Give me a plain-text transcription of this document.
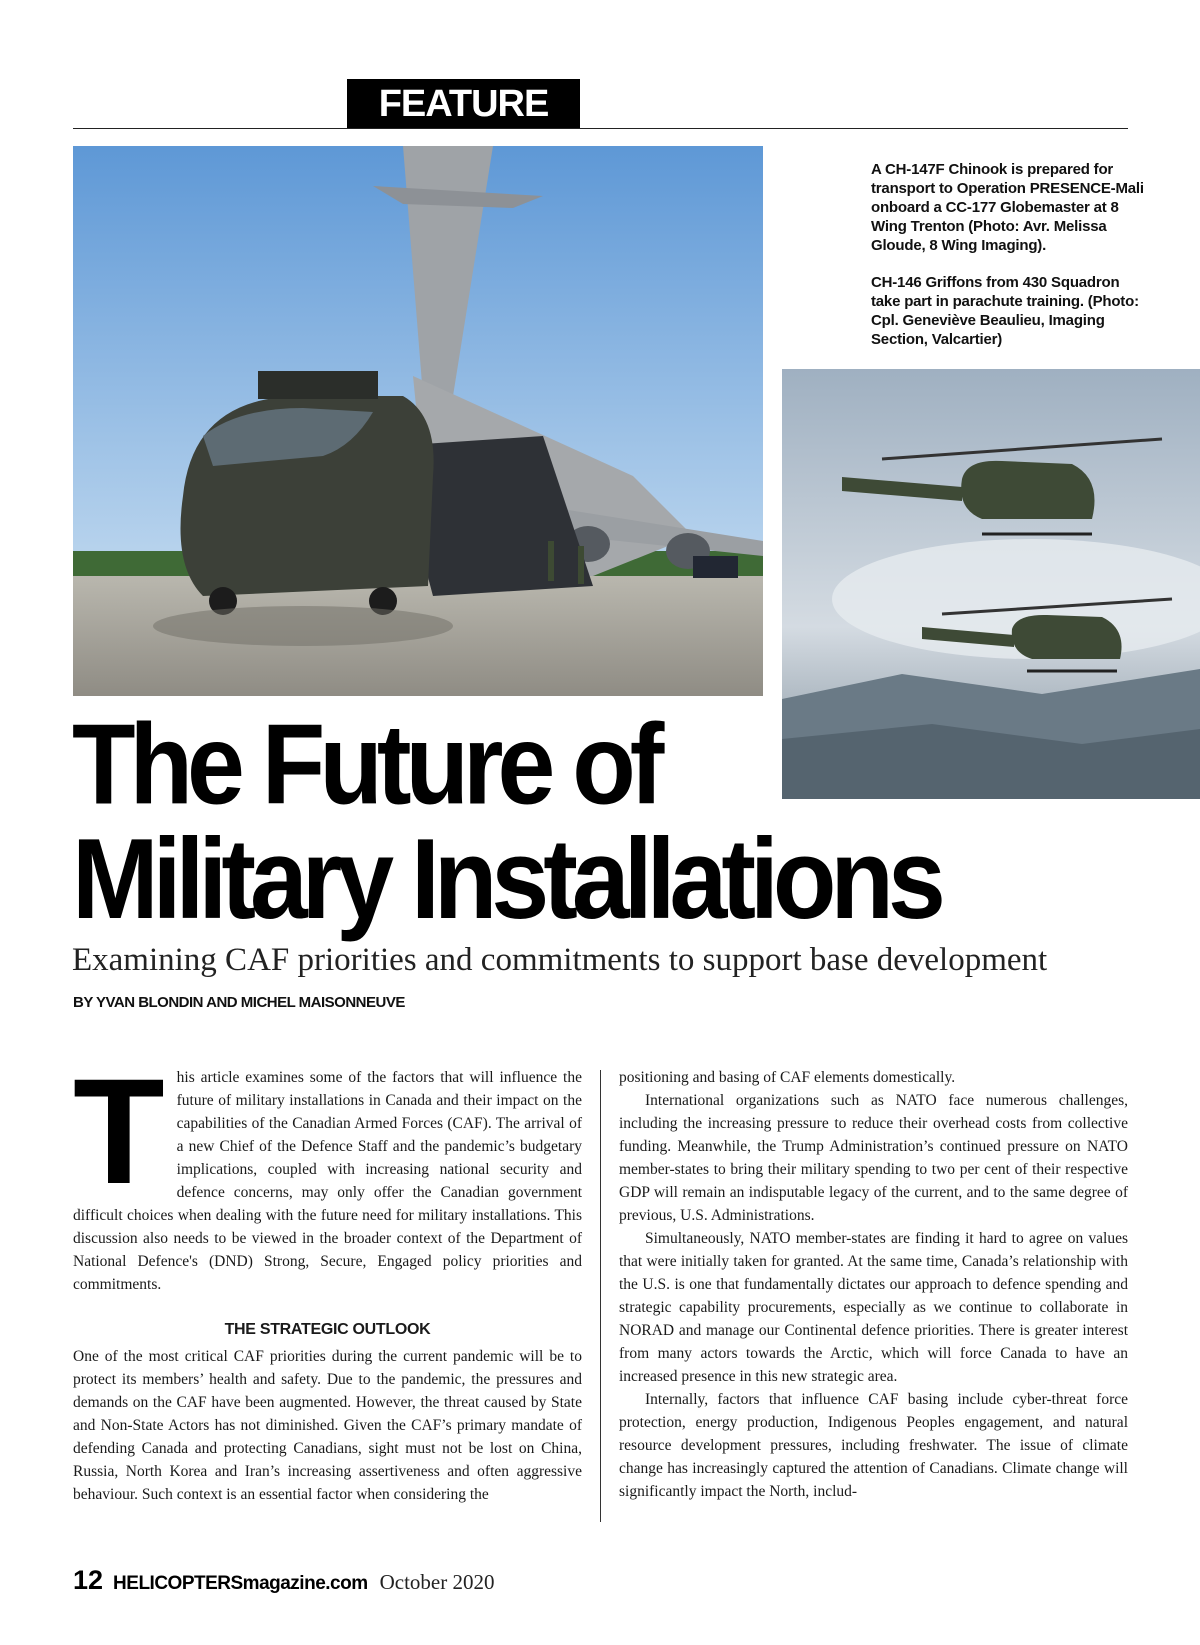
FEATURE

A CH-147F Chinook is prepared for transport to Operation PRESENCE-Mali onboard a CC-177 Globemaster at 8 Wing Trenton (Photo: Avr. Melissa Gloude, 8 Wing Imaging).

CH-146 Griffons from 430 Squadron take part in parachute training. (Photo: Cpl. Geneviève Beaulieu, Imaging Section, Valcartier)

The Future of
Military Installations
Examining CAF priorities and commitments to support base development
BY YVAN BLONDIN AND MICHEL MAISONNEUVE
T his article examines some of the factors that will influence the future of military installations in Canada and their impact on the capabilities of the Canadian Armed Forces (CAF). The arrival of a new Chief of the Defence Staff and the pandemic’s budgetary implications, coupled with increasing national security and defence concerns, may only offer the Canadian government difficult choices when dealing with the future need for military installations. This discussion also needs to be viewed in the broader context of the Department of National Defence's (DND) Strong, Secure, Engaged policy priorities and commitments.

THE STRATEGIC OUTLOOK

One of the most critical CAF priorities during the current pandemic will be to protect its members’ health and safety. Due to the pandemic, the pressures and demands on the CAF have been augmented. However, the threat caused by State and Non-State Actors has not diminished. Given the CAF’s primary mandate of defending Canada and protecting Canadians, sight must not be lost on China, Russia, North Korea and Iran’s increasing assertiveness and often aggressive behaviour. Such context is an essential factor when considering the

positioning and basing of CAF elements domestically.

International organizations such as NATO face numerous challenges, including the increasing pressure to reduce their overhead costs from collective funding. Meanwhile, the Trump Administration’s continued pressure on NATO member-states to bring their military spending to two per cent of their respective GDP will remain an indisputable legacy of the current, and to the same degree of previous, U.S. Administrations.

Simultaneously, NATO member-states are finding it hard to agree on values that were initially taken for granted. At the same time, Canada’s relationship with the U.S. is one that fundamentally dictates our approach to defence spending and strategic capability procurements, especially as we continue to collaborate in NORAD and manage our Continental defence priorities. There is greater interest from many actors towards the Arctic, which will force Canada to have an increased presence in this new strategic area.

Internally, factors that influence CAF basing include cyber-threat force protection, energy production, Indigenous Peoples engagement, and natural resource development pressures, including freshwater. The issue of climate change has increasingly captured the attention of Canadians. Climate change will significantly impact the North, includ-

12 HELICOPTERSmagazine.com October 2020
